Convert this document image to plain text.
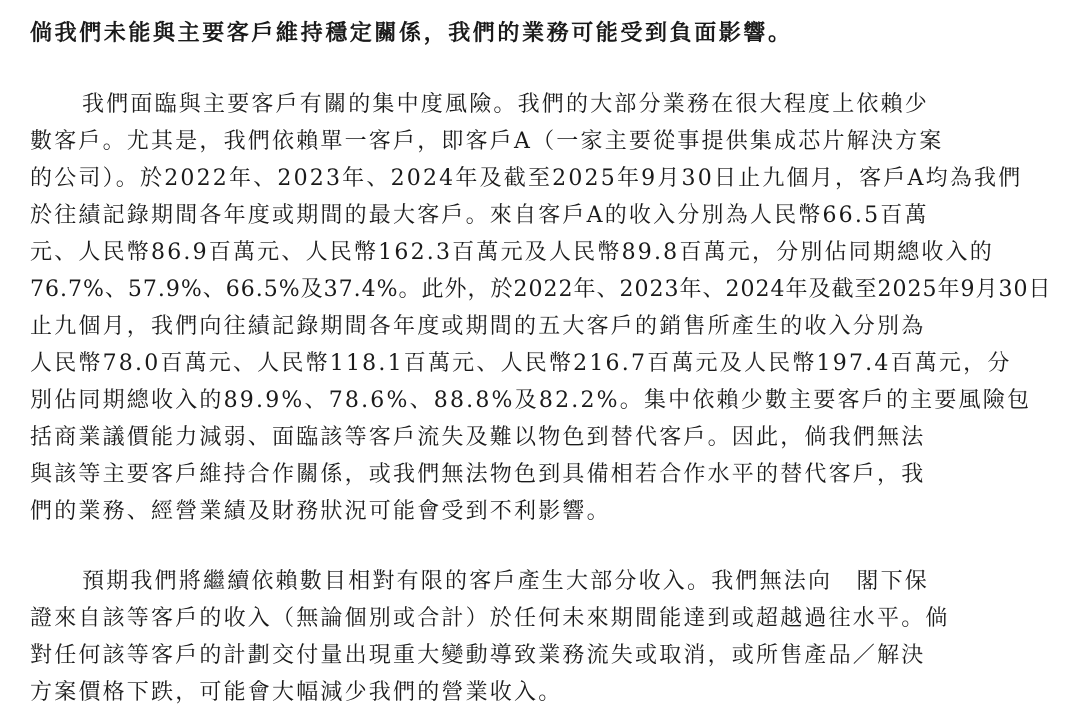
倘我們未能與主要客戶維持穩定關係，我們的業務可能受到負面影響。
我們面臨與主要客戶有關的集中度風險。我們的大部分業務在很大程度上依賴少
數客戶。尤其是，我們依賴單一客戶，即客戶A（一家主要從事提供集成芯片解決方案
的公司）。於2022年、2023年、2024年及截至2025年9月30日止九個月，客戶A均為我們
於往績記錄期間各年度或期間的最大客戶。來自客戶A的收入分別為人民幣66.5百萬
元、人民幣86.9百萬元、人民幣162.3百萬元及人民幣89.8百萬元，分別佔同期總收入的
76.7%、57.9%、66.5%及37.4%。此外，於2022年、2023年、2024年及截至2025年9月30日
止九個月，我們向往績記錄期間各年度或期間的五大客戶的銷售所產生的收入分別為
人民幣78.0百萬元、人民幣118.1百萬元、人民幣216.7百萬元及人民幣197.4百萬元，分
別佔同期總收入的89.9%、78.6%、88.8%及82.2%。集中依賴少數主要客戶的主要風險包
括商業議價能力減弱、面臨該等客戶流失及難以物色到替代客戶。因此，倘我們無法
與該等主要客戶維持合作關係，或我們無法物色到具備相若合作水平的替代客戶，我
們的業務、經營業績及財務狀況可能會受到不利影響。
預期我們將繼續依賴數目相對有限的客戶產生大部分收入。我們無法向　閣下保
證來自該等客戶的收入（無論個別或合計）於任何未來期間能達到或超越過往水平。倘
對任何該等客戶的計劃交付量出現重大變動導致業務流失或取消，或所售產品／解決
方案價格下跌，可能會大幅減少我們的營業收入。
